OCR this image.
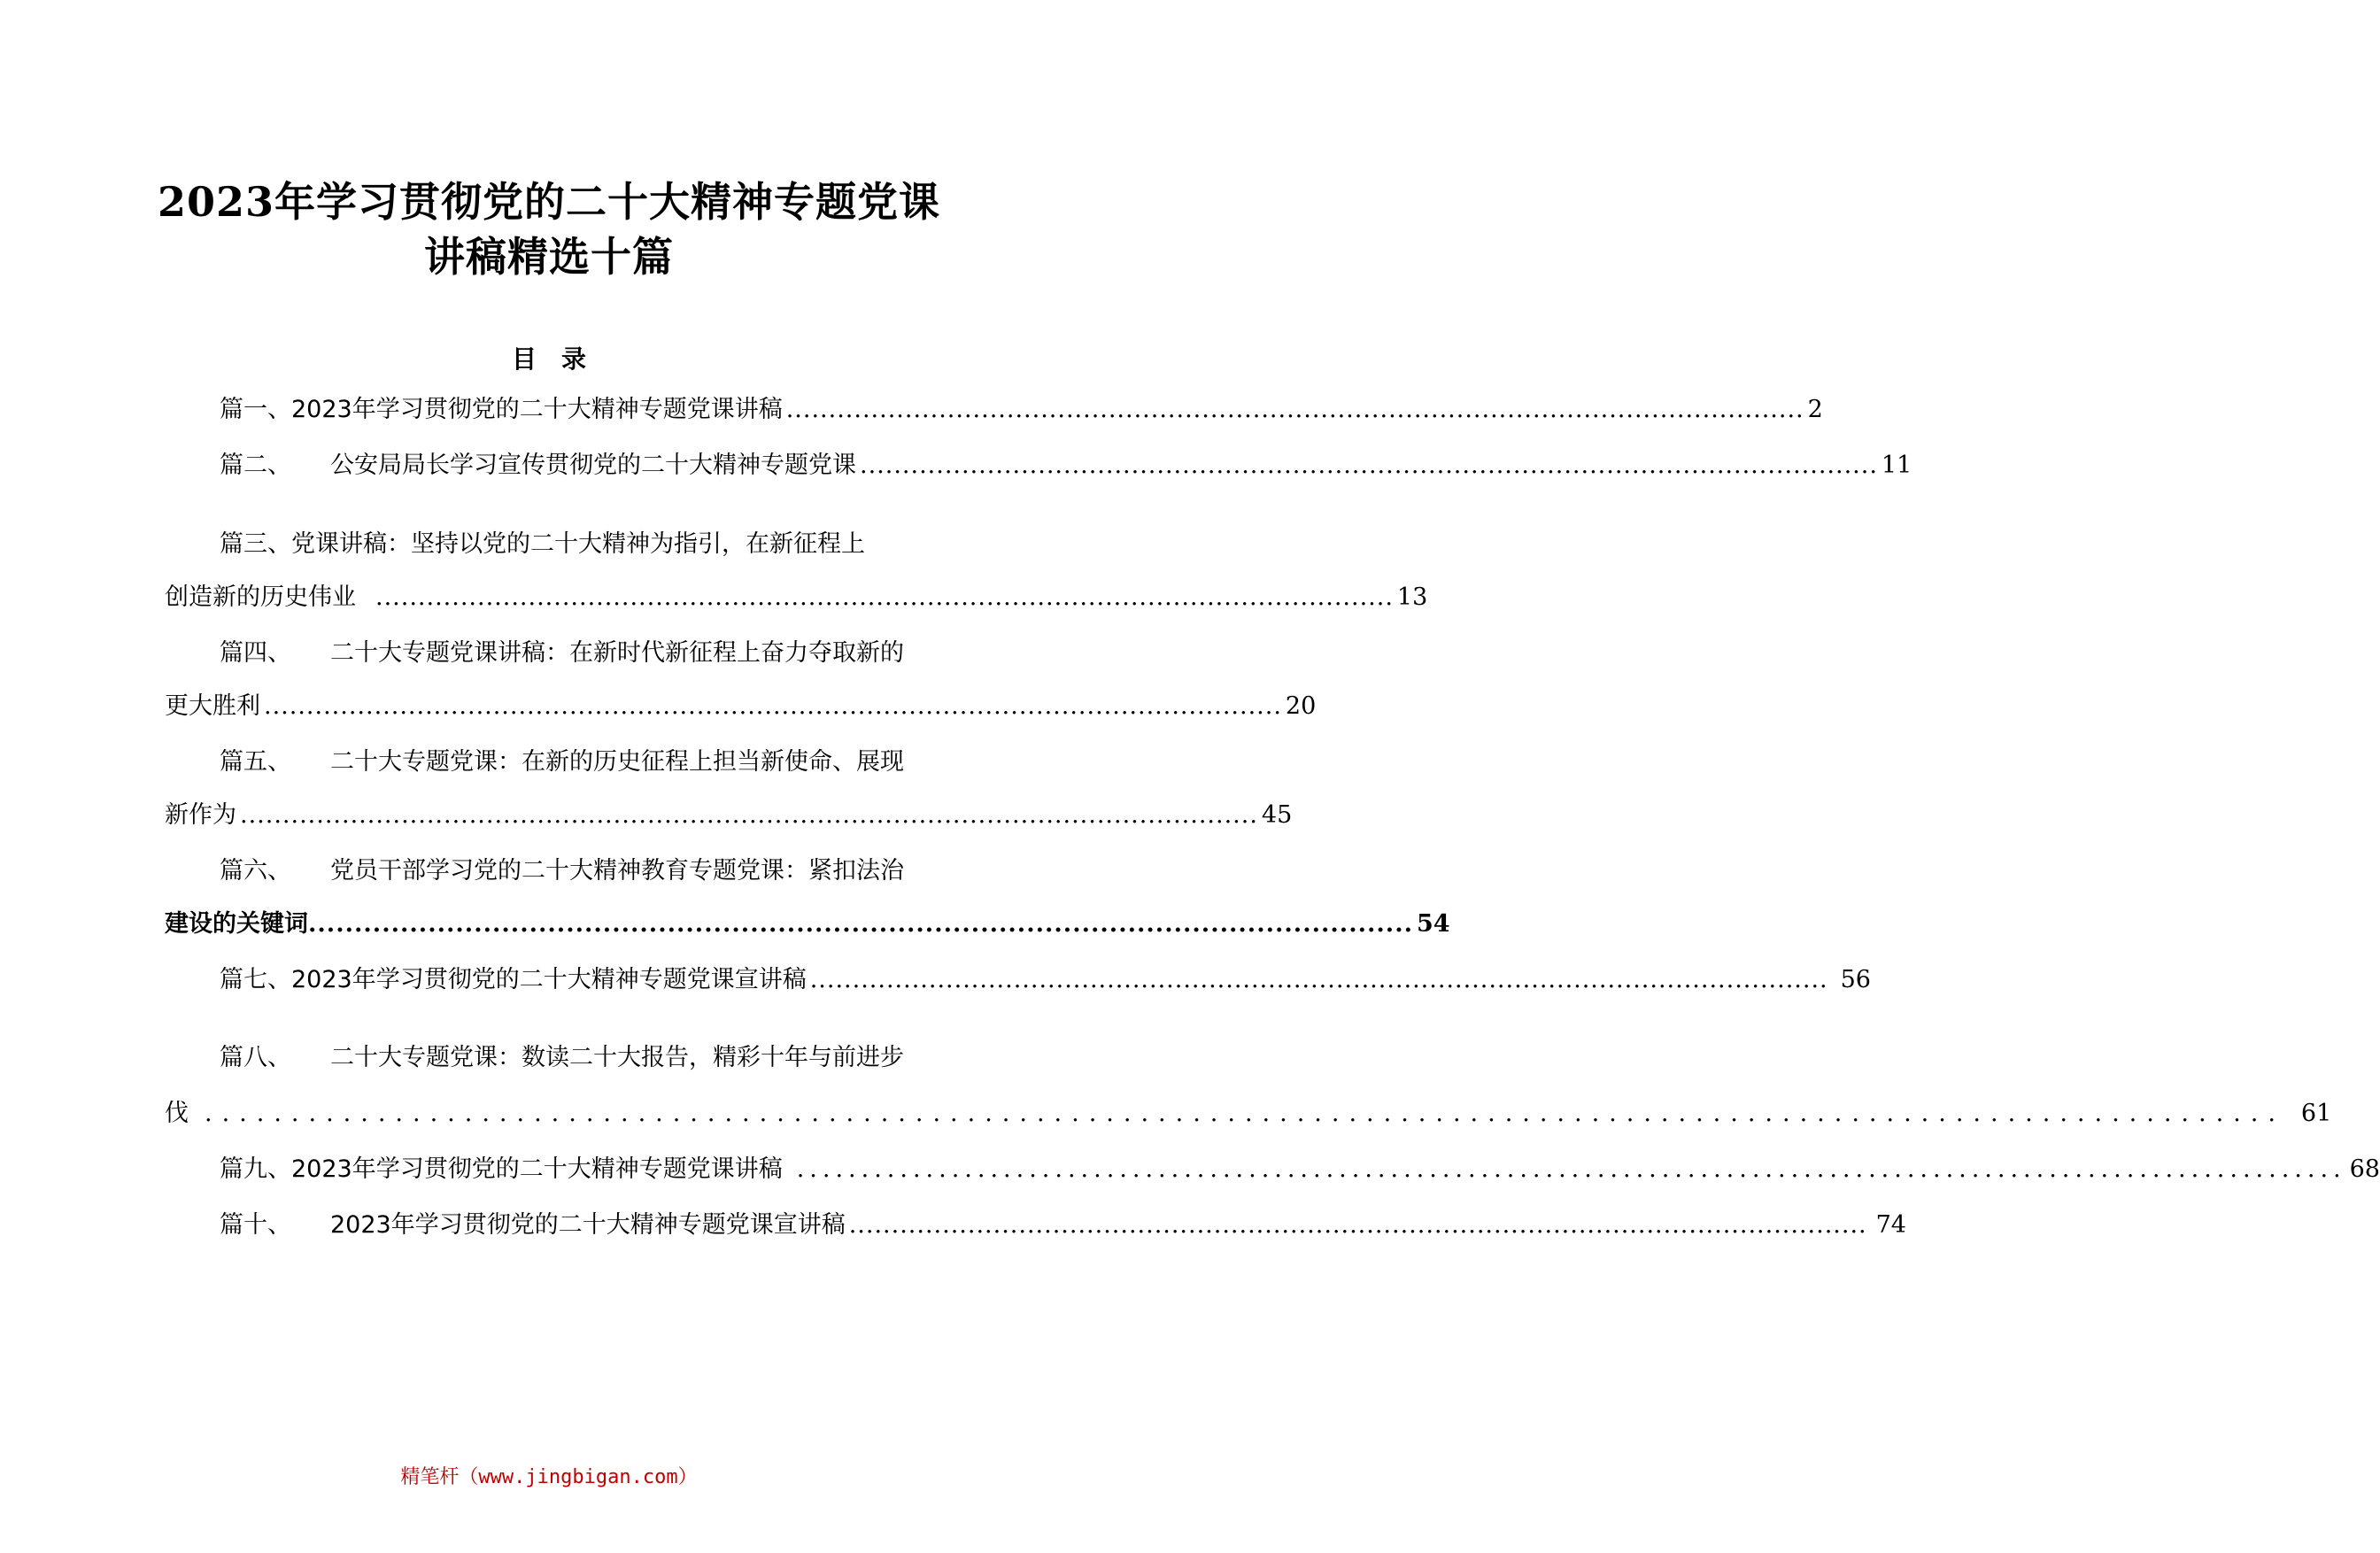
2023年学习贯彻党的二十大精神专题党课
讲稿精选十篇
目录
篇一、2023年学习贯彻党的二十大精神专题党课讲稿 ........................................................................................................................ 2
篇二、 公安局局长学习宣传贯彻党的二十大精神专题党课 ........................................................................................................................ 11
篇三、党课讲稿：坚持以党的二十大精神为指引，在新征程上
创造新的历史伟业 ........................................................................................................................ 13
篇四、 二十大专题党课讲稿：在新时代新征程上奋力夺取新的
更大胜利 ........................................................................................................................ 20
篇五、 二十大专题党课：在新的历史征程上担当新使命、展现
新作为 ........................................................................................................................ 45
篇六、 党员干部学习党的二十大精神教育专题党课：紧扣法治
建设的关键词 ........................................................................................................................ 54
篇七、2023年学习贯彻党的二十大精神专题党课宣讲稿 ........................................................................................................................ 56
篇八、 二十大专题党课：数读二十大报告，精彩十年与前进步
伐 ........................................................................................................................ 61
篇九、2023年学习贯彻党的二十大精神专题党课讲稿 ........................................................................................................................ 68
篇十、 2023年学习贯彻党的二十大精神专题党课宣讲稿 ........................................................................................................................ 74
精笔杆（www.jingbigan.com）
